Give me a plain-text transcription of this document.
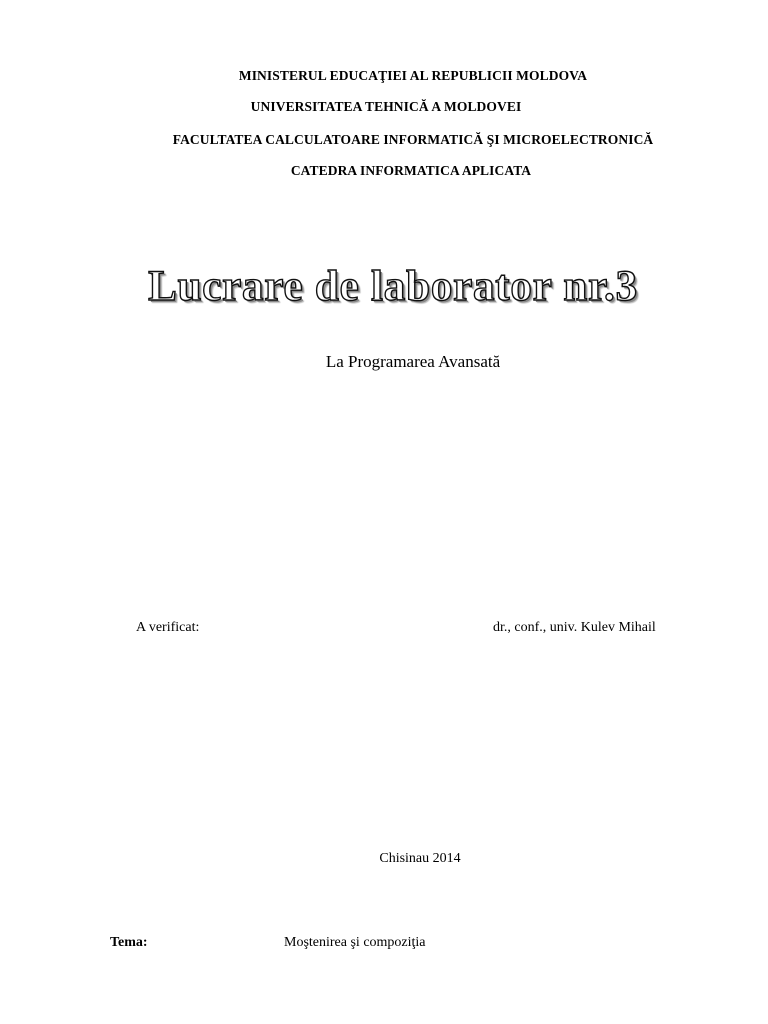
MINISTERUL EDUCAŢIEI AL REPUBLICII MOLDOVA
UNIVERSITATEA TEHNICĂ A MOLDOVEI
FACULTATEA CALCULATOARE INFORMATICĂ ŞI MICROELECTRONICĂ
CATEDRA INFORMATICA APLICATA
Lucrare de laborator nr.3
La Programarea Avansată
A verificat:	dr., conf., univ. Kulev Mihail
Chisinau 2014
Tema:	Moştenirea şi compoziţia
